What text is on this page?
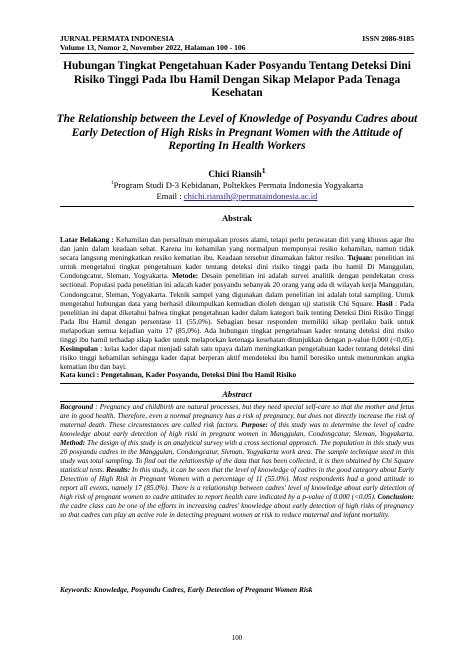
JURNAL PERMATA INDONESIA
Volume 13, Nomor 2, November 2022, Halaman 100 - 106
ISSN 2086-9185
Hubungan Tingkat Pengetahuan Kader Posyandu Tentang Deteksi Dini Risiko Tinggi Pada Ibu Hamil Dengan Sikap Melapor Pada Tenaga Kesehatan
The Relationship between the Level of Knowledge of Posyandu Cadres about Early Detection of High Risks in Pregnant Women with the Attitude of Reporting In Health Workers
Chici Riansih$^1$
$^1$Program Studi D-3 Kebidanan, Poltekkes Permata Indonesia Yogyakarta
Email : chichi.riansih@permataindonesia.ac.id
Abstrak

Latar Belakang : Kehamilan dan persalinan merupakan proses alami, tetapi perlu perawatan diri yang khusus agar ibu dan janin dalam keadaan sehat. Karena itu kehamilan yang normalpun mempunyai resiko kehamilan, namun tidak secara langsung meningkatkan resiko kematian ibu. Keadaan tersebut dinamakan faktor resiko. Tujuan: penelitian ini untuk mengetahui tingkat pengetahuan kader tentang deteksi dini risiko tinggi pada ibu hamil Di Manggulan, Condongcatur, Sleman, Yogyakarta. Metode: Desain penelitian ini adalah survei analitik dengan pendekatan cross sectional. Populasi pada penelitian ini ada;ah kader posyandu sebanyak 20 orang yang ada di wilayah kerja Manggulan, Condongcatur, Sleman, Yogyakarta. Teknik sampel yang digunakan dalam penelitian ini adalah total sampling. Untuk mengetahui hubungan data yang berhasil dikumpulkan kemudian dioleh dengan uji statistik Chi Square. Hasil : Pada penelitian ini dapat diketahui bahwa tingkat pengetahuan kader dalam kategori baik tenting Deteksi Dini Risiko Tinggi Pada Ibu Hamil dengan persentase 11 (55,0%). Sebagian besar responden memiliki sikap perilaku baik untuk melaporkan semua kejadian yaitu 17 (85,0%). Ada hubungan tingkat pengetahuan kader tentang deteksi dini risiko tinggi ibu hamil terhadap sikap kader untuk melaporkan ketenaga kesehatan ditunjukkan dengan p-value 0,000 (<0,05). Kesimpulan : kelas kader dapat menjadi salah satu upaya dalam meningkatkan pengetahuan kader tentang deteksi dini risiko tinggi kehamilan sehingga kader dapat berperan aktif mendeteksi ibu hamil beresiko untuk menurunkan angka kematian ibu dan bayi.

Kata kunci : Pengetahuan, Kader Posyandu, Deteksi Dini Ibu Hamil Risiko
Abstract

Bacground : Pregnancy and childbirth are natural processes, but they need special self-care so that the mother and fetus are in good health. Therefore, even a normal pregnancy has a risk of pregnancy, but does not directly increase the risk of maternal death. These circumstances are called risk factors. Purpose: of this study was to determine the level of cadre knowledge about early detection of high riski in pregnant women in Manggulan, Condongcatur, Sleman, Yogyakarta. Method: The design of this study is an analytical survey with a cross sectional approach. The population in this study was 20 posyandu cadres in the Manggulan, Condongcatur, Sleman, Yogyakarta work area. The sample technique used in this study was total sampling. To find out the relationship of the data that has been collected, it is then obtained by Chi Square statistical tests. Results: In this study, it can be seen that the level of knowledge of cadres in the good category about Early Detection of High Risk in Pregnant Women with a percentage of 11 (55.0%). Most respondents had a good attitude to report all events, namely 17 (85.0%). There is a relationship between cadres' level of knowledge about early detection of high risk of pregnant women to cadre attitudes to report health care indicated by a p-value of 0.000 (<0.05). Conclusion: the cadre class can be one of the efforts in increasing cadres' knowledge about early detection of high risks of pregnancy so that cadres can play an active role in detecting pregnant women at risk to reduce maternal and infant mortality.

Keywords: Knowledge, Posyandu Cadres, Early Detection of Pregnant Women Risk
100
